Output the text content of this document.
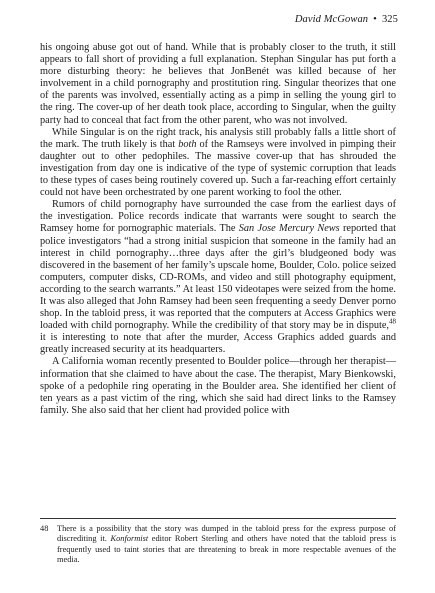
David McGowan • 325

his ongoing abuse got out of hand. While that is probably closer to the truth, it still appears to fall short of providing a full explanation. Stephan Singular has put forth a more disturbing theory: he believes that JonBenét was killed because of her involvement in a child pornography and prostitution ring. Singular theorizes that one of the parents was involved, essentially acting as a pimp in selling the young girl to the ring. The cover-up of her death took place, according to Singular, when the guilty party had to conceal that fact from the other parent, who was not involved.

While Singular is on the right track, his analysis still probably falls a little short of the mark. The truth likely is that both of the Ramseys were involved in pimping their daughter out to other pedophiles. The massive cover-up that has shrouded the investigation from day one is indicative of the type of systemic corruption that leads to these types of cases being routinely covered up. Such a far-reaching effort certainly could not have been orchestrated by one parent working to fool the other.

Rumors of child pornography have surrounded the case from the earliest days of the investigation. Police records indicate that warrants were sought to search the Ramsey home for pornographic materials. The San Jose Mercury News reported that police investigators “had a strong initial suspicion that someone in the family had an interest in child pornography…three days after the girl’s bludgeoned body was discovered in the basement of her family’s upscale home, Boulder, Colo. police seized computers, computer disks, CD-ROMs, and video and still photography equipment, according to the search warrants.” At least 150 videotapes were seized from the home. It was also alleged that John Ramsey had been seen frequenting a seedy Denver porno shop. In the tabloid press, it was reported that the computers at Access Graphics were loaded with child pornography. While the credibility of that story may be in dispute,$^{48}$ it is interesting to note that after the murder, Access Graphics added guards and greatly increased security at its headquarters.

A California woman recently presented to Boulder police—through her therapist—information that she claimed to have about the case. The therapist, Mary Bienkowski, spoke of a pedophile ring operating in the Boulder area. She identified her client of ten years as a past victim of the ring, which she said had direct links to the Ramsey family. She also said that her client had provided police with

48 There is a possibility that the story was dumped in the tabloid press for the express purpose of discrediting it. Konformist editor Robert Sterling and others have noted that the tabloid press is frequently used to taint stories that are threatening to break in more respectable avenues of the media.
